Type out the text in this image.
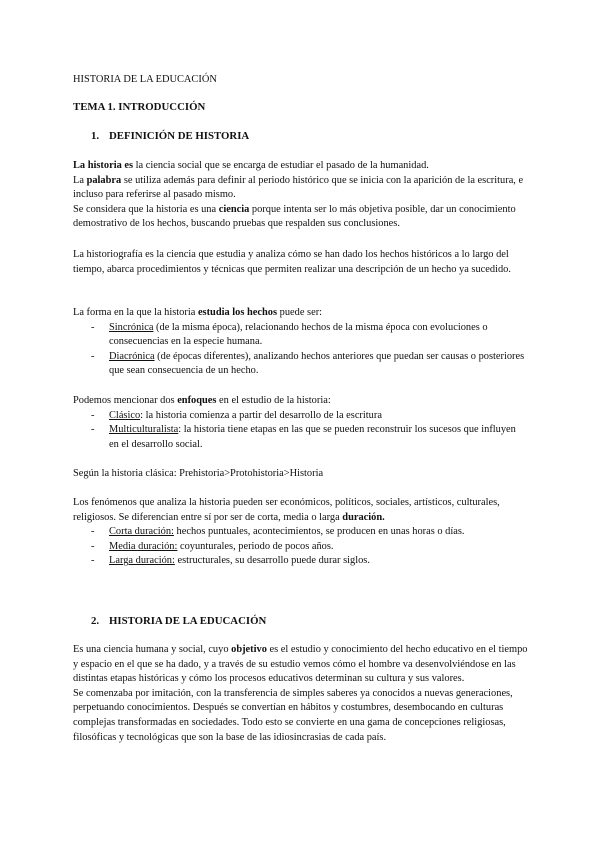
HISTORIA DE LA EDUCACIÓN

TEMA 1. INTRODUCCIÓN

1. DEFINICIÓN DE HISTORIA

La historia es la ciencia social que se encarga de estudiar el pasado de la humanidad.

La palabra se utiliza además para definir al periodo histórico que se inicia con la aparición de la escritura, e incluso para referirse al pasado mismo.

Se considera que la historia es una ciencia porque intenta ser lo más objetiva posible, dar un conocimiento demostrativo de los hechos, buscando pruebas que respalden sus conclusiones.

La historiografía es la ciencia que estudia y analiza cómo se han dado los hechos históricos a lo largo del tiempo, abarca procedimientos y técnicas que permiten realizar una descripción de un hecho ya sucedido.

La forma en la que la historia estudia los hechos puede ser:

- Sincrónica (de la misma época), relacionando hechos de la misma época con evoluciones o consecuencias en la especie humana.
- Diacrónica (de épocas diferentes), analizando hechos anteriores que puedan ser causas o posteriores que sean consecuencia de un hecho.

Podemos mencionar dos enfoques en el estudio de la historia:

- Clásico: la historia comienza a partir del desarrollo de la escritura
- Multiculturalista: la historia tiene etapas en las que se pueden reconstruir los sucesos que influyen en el desarrollo social.

Según la historia clásica: Prehistoria>Protohistoria>Historia

Los fenómenos que analiza la historia pueden ser económicos, políticos, sociales, artísticos, culturales, religiosos. Se diferencian entre sí por ser de corta, media o larga duración.

- Corta duración: hechos puntuales, acontecimientos, se producen en unas horas o días.
- Media duración: coyunturales, periodo de pocos años.
- Larga duración: estructurales, su desarrollo puede durar siglos.

2. HISTORIA DE LA EDUCACIÓN

Es una ciencia humana y social, cuyo objetivo es el estudio y conocimiento del hecho educativo en el tiempo y espacio en el que se ha dado, y a través de su estudio vemos cómo el hombre va desenvolviéndose en las distintas etapas históricas y cómo los procesos educativos determinan su cultura y sus valores.

Se comenzaba por imitación, con la transferencia de simples saberes ya conocidos a nuevas generaciones, perpetuando conocimientos. Después se convertían en hábitos y costumbres, desembocando en culturas complejas transformadas en sociedades. Todo esto se convierte en una gama de concepciones religiosas, filosóficas y tecnológicas que son la base de las idiosincrasias de cada país.
